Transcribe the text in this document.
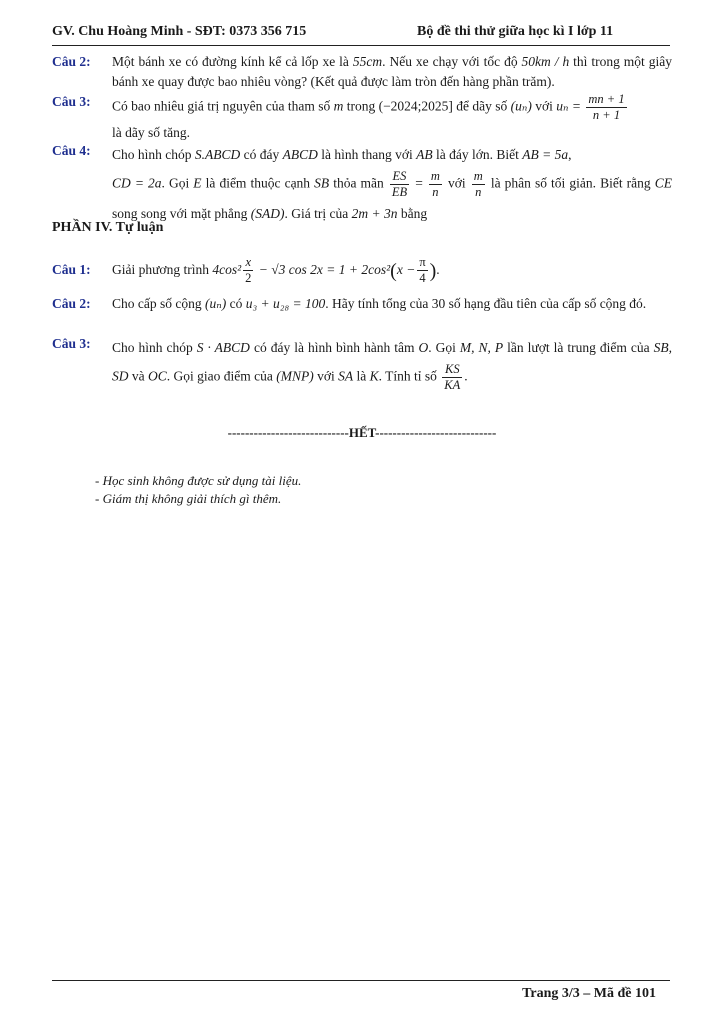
GV. Chu Hoàng Minh - SĐT: 0373 356 715	Bộ đề thi thử giữa học kì I lớp 11
Câu 2: Một bánh xe có đường kính kể cả lốp xe là 55cm. Nếu xe chạy với tốc độ 50km / h thì trong một giây bánh xe quay được bao nhiêu vòng? (Kết quả được làm tròn đến hàng phần trăm).
Câu 3: Có bao nhiêu giá trị nguyên của tham số m trong (−2024;2025] để dãy số (uₙ) với $u_n = \frac{mn + 1}{n + 1}$

là dãy số tăng.
Câu 4: Cho hình chóp S.ABCD có đáy ABCD là hình thang với AB là đáy lớn. Biết AB = 5a,
CD = 2a. Gọi E là điểm thuộc cạnh SB thỏa mãn $\frac{ES}{EB} = \frac{m}{n}$ với $\frac{m}{n}$ là phân số tối giản. Biết rằng CE song song với mặt phẳng (SAD). Giá trị của 2m + 3n bằng
PHẦN IV. Tự luận
Câu 1: Giải phương trình $4\cos^2 \frac{x}{2} - √3$ $\cos 2x = 1 + 2\cos^2(x - \frac{\pi}{4}$ ).
Câu 2: Cho cấp số cộng (uₙ) có u₃ + u₂₈ = 100. Hãy tính tổng của 30 số hạng đầu tiên của cấp số cộng đó.
Câu 3: Cho hình chóp S · ABCD có đáy là hình bình hành tâm O. Gọi M, N, P lần lượt là trung điểm của SB, SD và OC. Gọi giao điểm của (MNP) với SA là K. Tính tỉ số $\frac{KS}{KA}$ .
----------------------------HẾT----------------------------
- Học sinh không được sử dụng tài liệu.
- Giám thị không giải thích gì thêm.
Trang 3/3 – Mã đề 101
